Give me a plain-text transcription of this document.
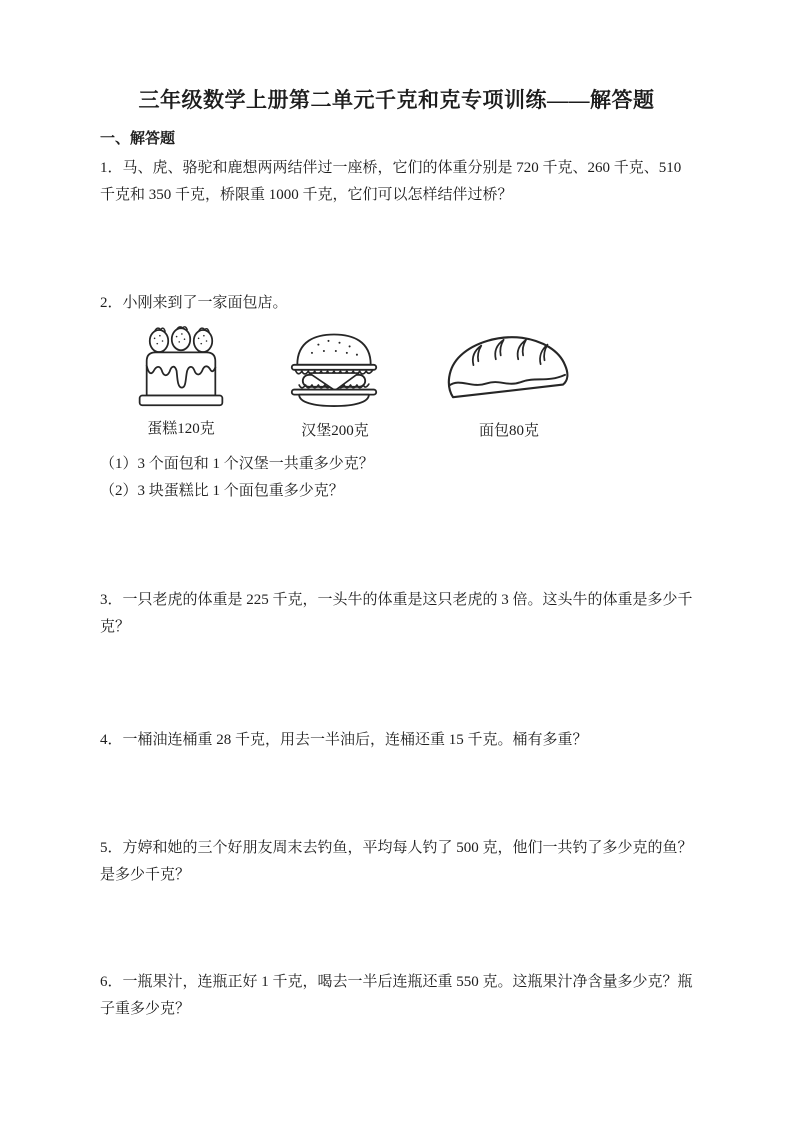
三年级数学上册第二单元千克和克专项训练——解答题
一、解答题
1．马、虎、骆驼和鹿想两两结伴过一座桥，它们的体重分别是 720 千克、260 千克、510
千克和 350 千克，桥限重 1000 千克，它们可以怎样结伴过桥？
2．小刚来到了一家面包店。
蛋糕120克	汉堡200克	面包80克
（1）3 个面包和 1 个汉堡一共重多少克？
（2）3 块蛋糕比 1 个面包重多少克？
3．一只老虎的体重是 225 千克，一头牛的体重是这只老虎的 3 倍。这头牛的体重是多少千
克？
4．一桶油连桶重 28 千克，用去一半油后，连桶还重 15 千克。桶有多重？
5．方婷和她的三个好朋友周末去钓鱼，平均每人钓了 500 克，他们一共钓了多少克的鱼？
是多少千克？
6．一瓶果汁，连瓶正好 1 千克，喝去一半后连瓶还重 550 克。这瓶果汁净含量多少克？瓶
子重多少克？
